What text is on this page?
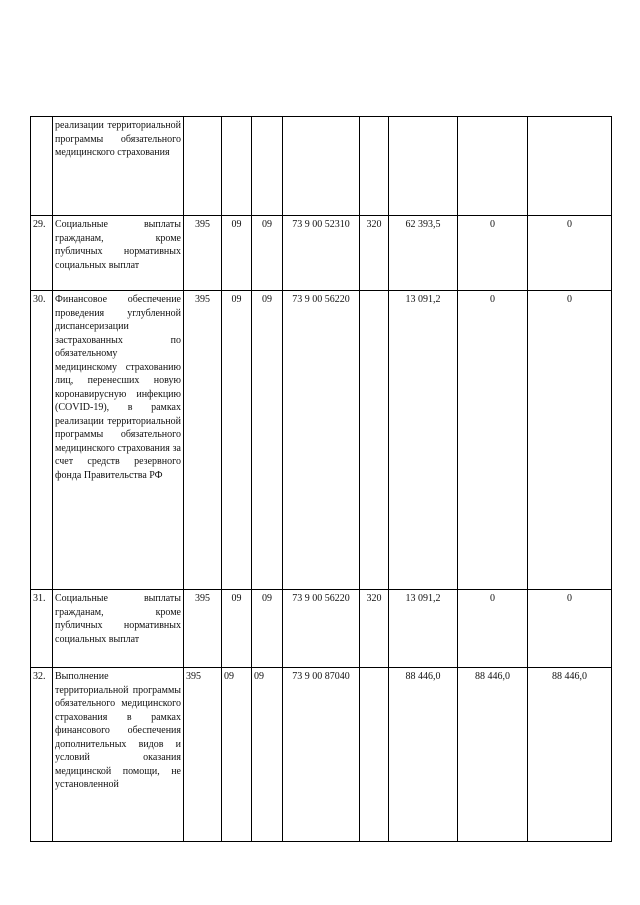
	реализации территориальной программы обязательного медицинского страхования								

29.	Социальные выплаты гражданам, кроме публичных нормативных социальных выплат	395	09	09	73 9 00 52310	320	62 393,5	0	0
30.	Финансовое обеспечение проведения углубленной диспансеризации застрахованных по обязательному медицинскому страхованию лиц, перенесших новую коронавирусную инфекцию (COVID-19), в рамках реализации территориальной программы обязательного медицинского страхования за счет средств резервного фонда Правительства РФ	395	09	09	73 9 00 56220		13 091,2	0	0
31.	Социальные выплаты гражданам, кроме публичных нормативных социальных выплат	395	09	09	73 9 00 56220	320	13 091,2	0	0
32.	Выполнение территориальной программы обязательного медицинского страхования в рамках финансового обеспечения дополнительных видов и условий оказания медицинской помощи, не установленной	395	09	09	73 9 00 87040		88 446,0	88 446,0	88 446,0
